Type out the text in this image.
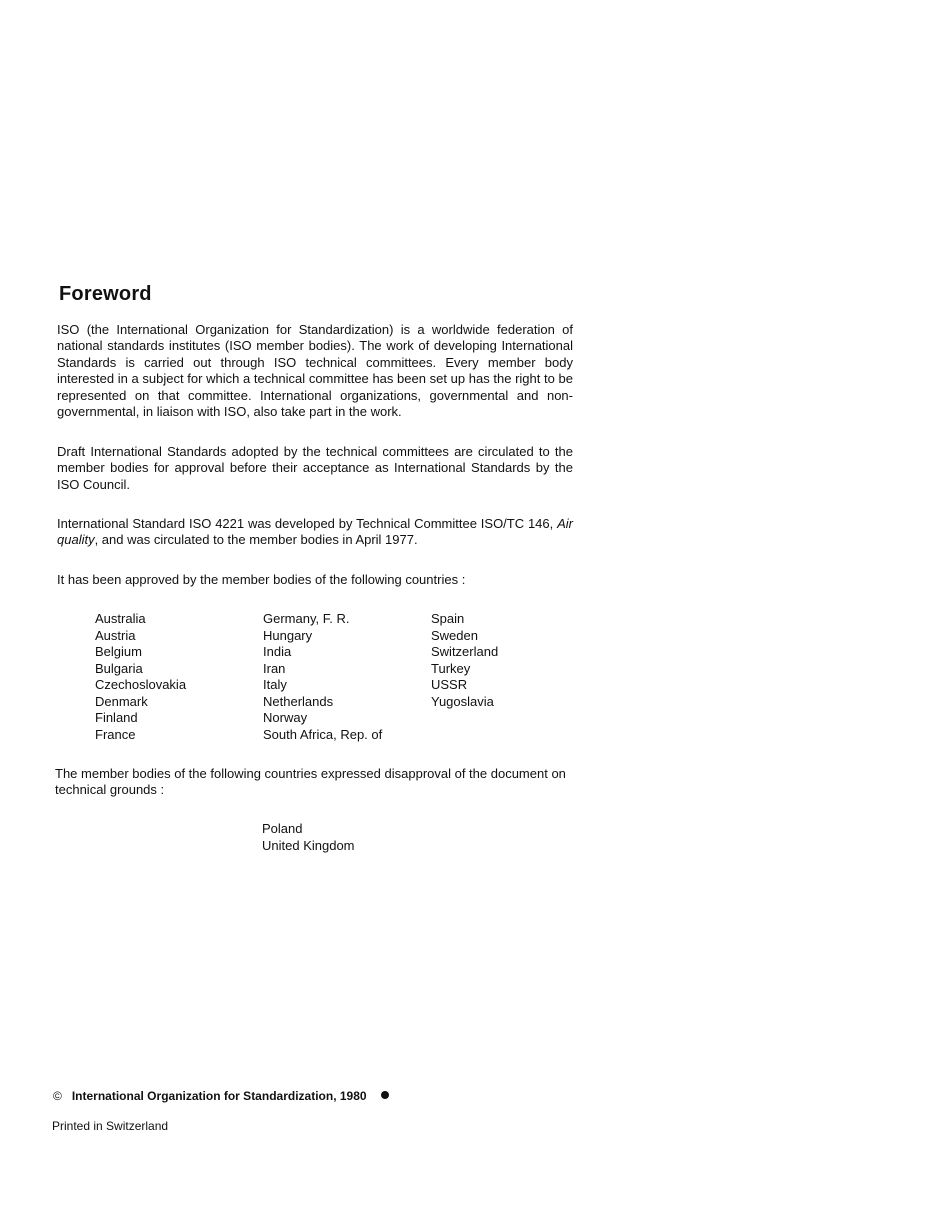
Foreword

ISO (the International Organization for Standardization) is a worldwide federation of national standards institutes (ISO member bodies). The work of developing International Standards is carried out through ISO technical committees. Every member body interested in a subject for which a technical committee has been set up has the right to be represented on that committee. International organizations, governmental and non-governmental, in liaison with ISO, also take part in the work.

Draft International Standards adopted by the technical committees are circulated to the member bodies for approval before their acceptance as International Standards by the ISO Council.

International Standard ISO 4221 was developed by Technical Committee ISO/TC 146, Air quality, and was circulated to the member bodies in April 1977.

It has been approved by the member bodies of the following countries :

Australia
Austria
Belgium
Bulgaria
Czechoslovakia
Denmark
Finland
France
Germany, F. R.
Hungary
India
Iran
Italy
Netherlands
Norway
South Africa, Rep. of
Spain
Sweden
Switzerland
Turkey
USSR
Yugoslavia

The member bodies of the following countries expressed disapproval of the document on technical grounds :

Poland
United Kingdom
© International Organization for Standardization, 1980
Printed in Switzerland
